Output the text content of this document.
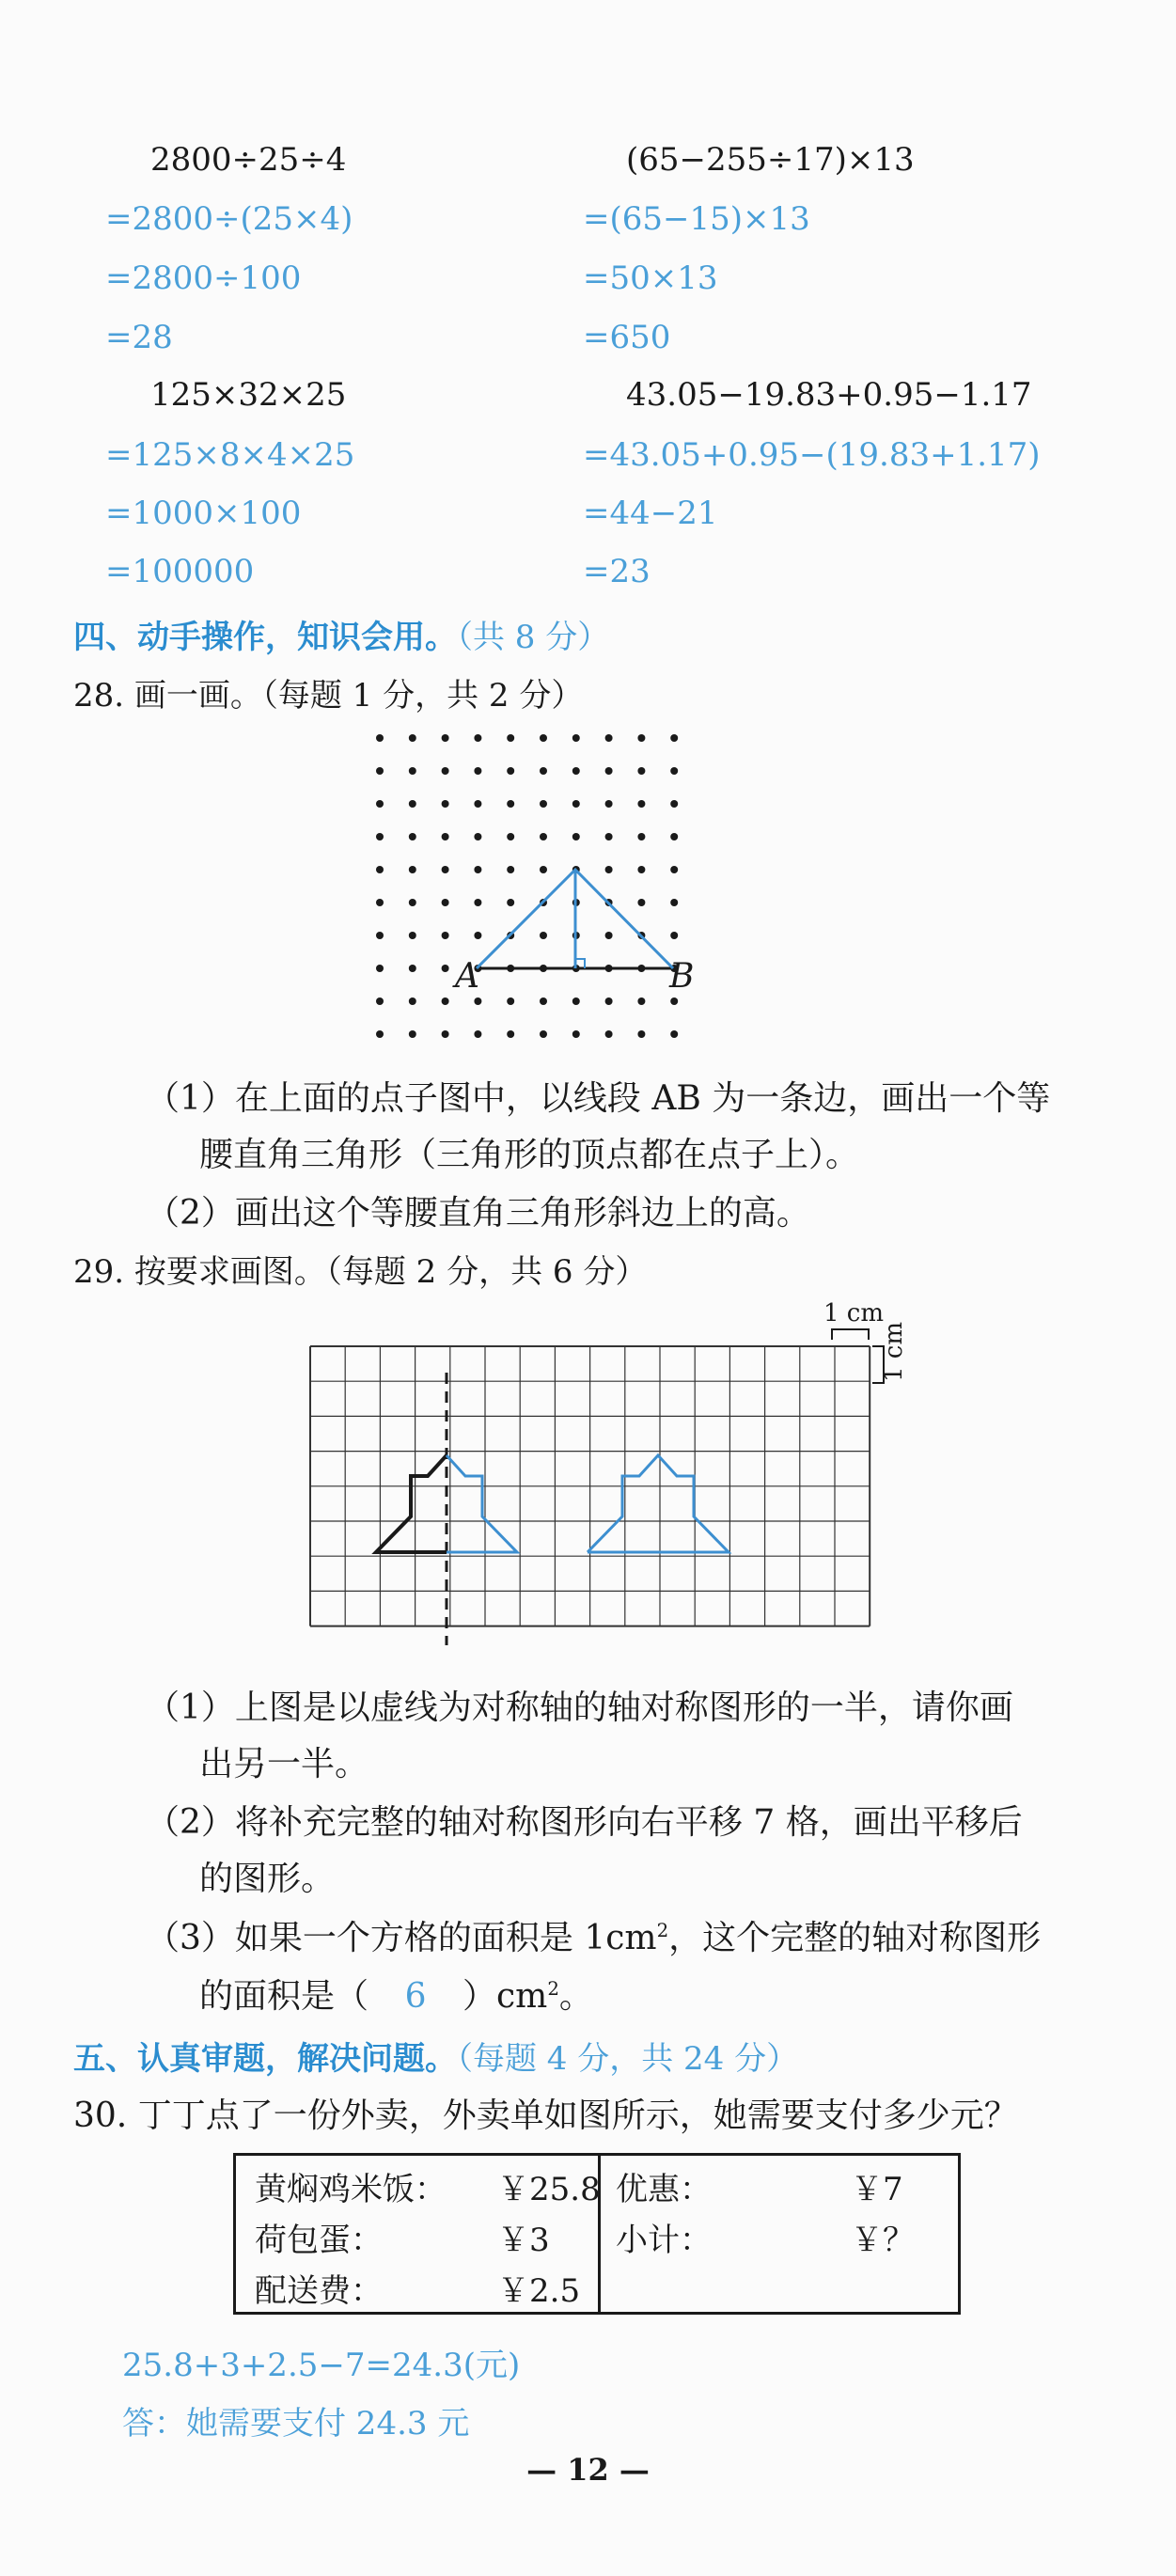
2800÷25÷4
=2800÷(25×4)
=2800÷100
=28
(65−255÷17)×13
=(65−15)×13
=50×13
=650
125×32×25
=125×8×4×25
=1000×100
=100000
43.05−19.83+0.95−1.17
=43.05+0.95−(19.83+1.17)
=44−21
=23
四、动手操作，知识会用。（共 8 分）
28. 画一画。（每题 1 分，共 2 分）
A	B
（1）在上面的点子图中，以线段 AB 为一条边，画出一个等
腰直角三角形（三角形的顶点都在点子上）。
（2）画出这个等腰直角三角形斜边上的高。
29. 按要求画图。（每题 2 分，共 6 分）
1 cm
1 cm
（1）上图是以虚线为对称轴的轴对称图形的一半，请你画
出另一半。
（2）将补充完整的轴对称图形向右平移 7 格，画出平移后
的图形。
（3）如果一个方格的面积是 $1cm^2$，这个完整的轴对称图形
的面积是（ 6 ）$cm^2$。
五、认真审题，解决问题。（每题 4 分，共 24 分）
30. 丁丁点了一份外卖，外卖单如图所示，她需要支付多少元？
黄焖鸡米饭： ￥25.8
荷包蛋：	￥3
配送费：	￥2.5
优惠：	￥7
小计：	￥？
25.8+3+2.5−7=24.3(元)
答：她需要支付 24.3 元
— 12 —
